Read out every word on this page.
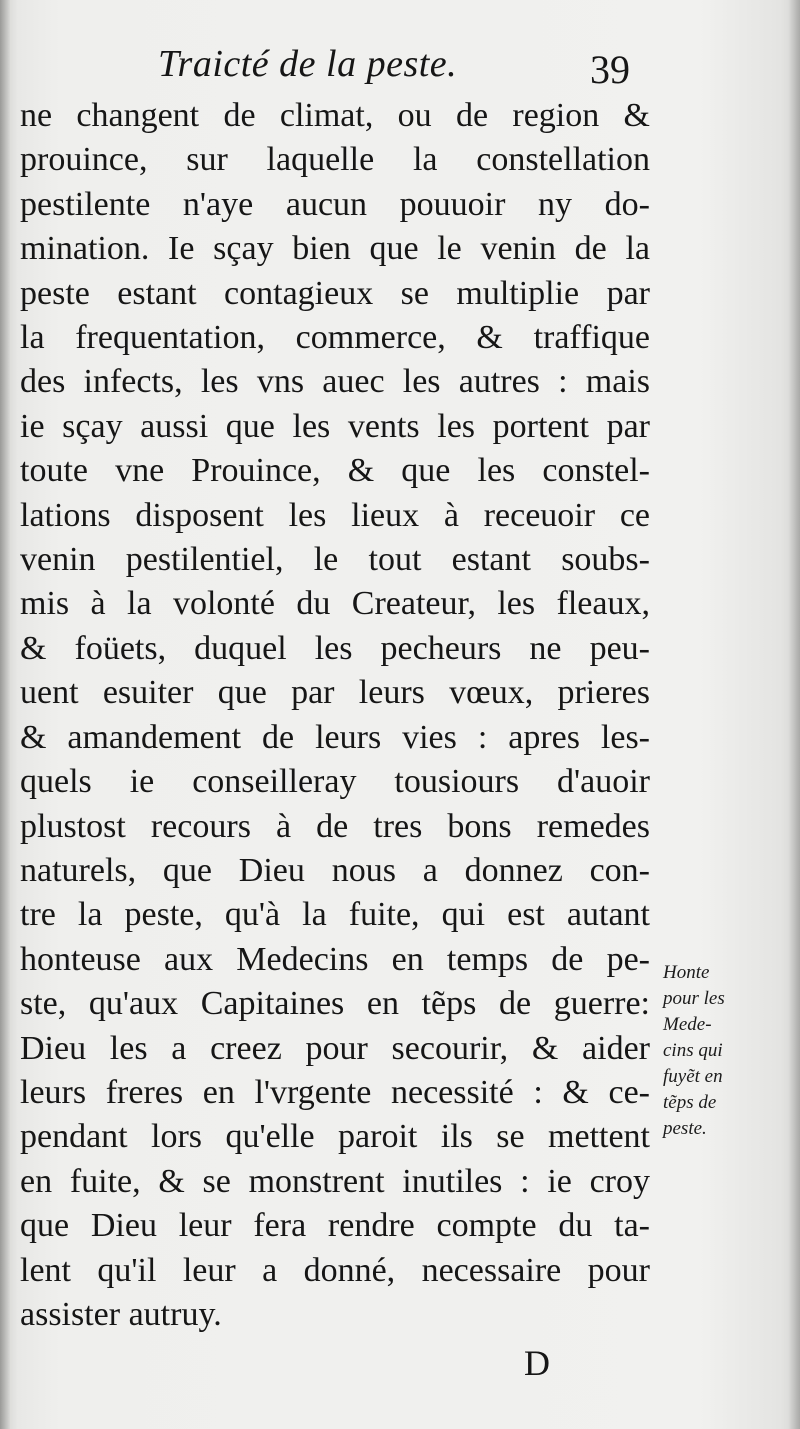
Traicté de la peste.	39

ne changent de climat, ou de region &
prouince, sur laquelle la constellation
pestilente n'aye aucun pouuoir ny do-
mination. Ie sçay bien que le venin de la
peste estant contagieux se multiplie par
la frequentation, commerce, & traffique
des infects, les vns auec les autres : mais
ie sçay aussi que les vents les portent par
toute vne Prouince, & que les constel-
lations disposent les lieux à receuoir ce
venin pestilentiel, le tout estant soubs-
mis à la volonté du Createur, les fleaux,
& foüets, duquel les pecheurs ne peu-
uent esuiter que par leurs vœux, prieres
& amandement de leurs vies : apres les-
quels ie conseilleray tousiours d'auoir
plustost recours à de tres bons remedes
naturels, que Dieu nous a donnez con-
tre la peste, qu'à la fuite, qui est autant
honteuse aux Medecins en temps de pe-
ste, qu'aux Capitaines en tẽps de guerre:
Dieu les a creez pour secourir, & aider
leurs freres en l'vrgente necessité : & ce-
pendant lors qu'elle paroit ils se mettent
en fuite, & se monstrent inutiles : ie croy
que Dieu leur fera rendre compte du ta-
lent qu'il leur a donné, necessaire pour
assister autruy.
Honte
pour les
Mede-
cins qui
fuyẽt en
tẽps de
peste.
D
